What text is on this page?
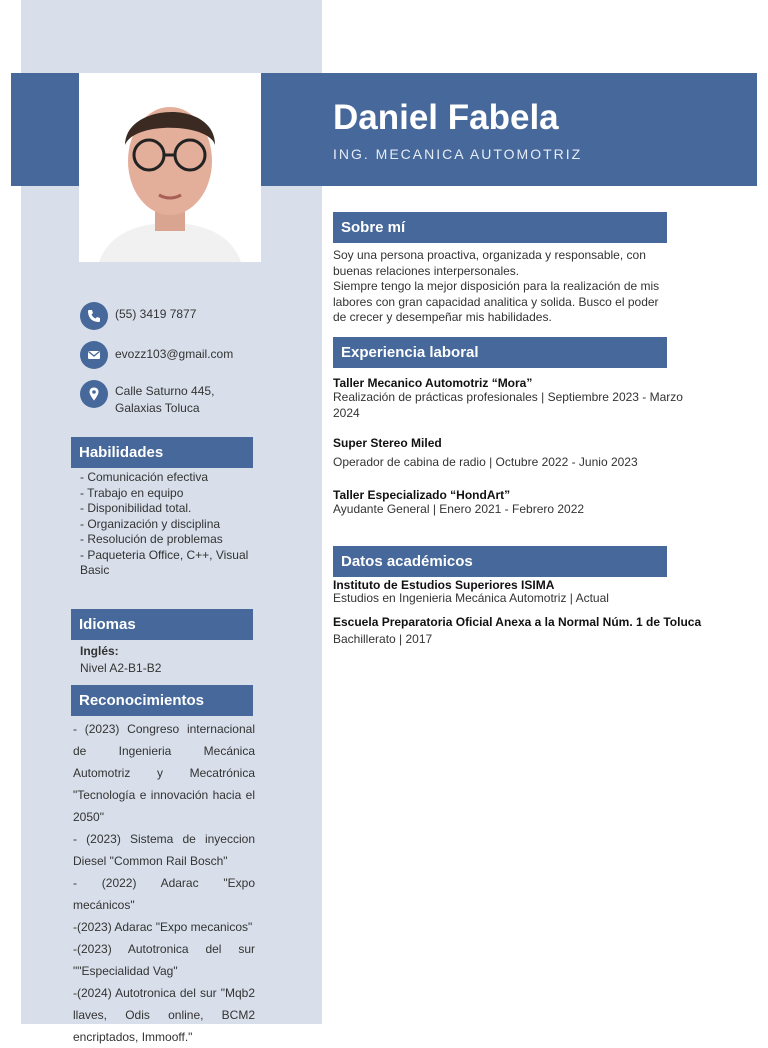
Daniel Fabela
ING. MECANICA AUTOMOTRIZ
(55) 3419 7877
evozz103@gmail.com
Calle Saturno 445,
Galaxias Toluca
Habilidades
- Comunicación efectiva
- Trabajo en equipo
- Disponibilidad total.
- Organización y disciplina
- Resolución de problemas
- Paqueteria Office, C++, Visual Basic
Idiomas
Inglés:
Nivel A2-B1-B2
Reconocimientos
- (2023) Congreso internacional de Ingenieria Mecánica Automotriz y Mecatrónica "Tecnología e innovación hacia el 2050"
- (2023) Sistema de inyeccion Diesel "Common Rail Bosch"
- (2022) Adarac "Expo mecánicos"
-(2023) Adarac "Expo mecanicos"
-(2023) Autotronica del sur ""Especialidad Vag"
-(2024) Autotronica del sur "Mqb2 llaves, Odis online, BCM2 encriptados, Immooff."
Sobre mí
Soy una persona proactiva, organizada y responsable, con buenas relaciones interpersonales.
Siempre tengo la mejor disposición para la realización de mis labores con gran capacidad analitica y solida. Busco el poder de crecer y desempeñar mis habilidades.
Experiencia laboral
Taller Mecanico Automotriz “Mora”
Realización de prácticas profesionales | Septiembre 2023 - Marzo 2024
Super Stereo Miled
Operador de cabina de radio | Octubre 2022 - Junio 2023
Taller Especializado “HondArt”
Ayudante General | Enero 2021 - Febrero 2022
Datos académicos
Instituto de Estudios Superiores ISIMA
Estudios en Ingenieria Mecánica Automotriz | Actual
Escuela Preparatoria Oficial Anexa a la Normal Núm. 1 de Toluca
Bachillerato | 2017
